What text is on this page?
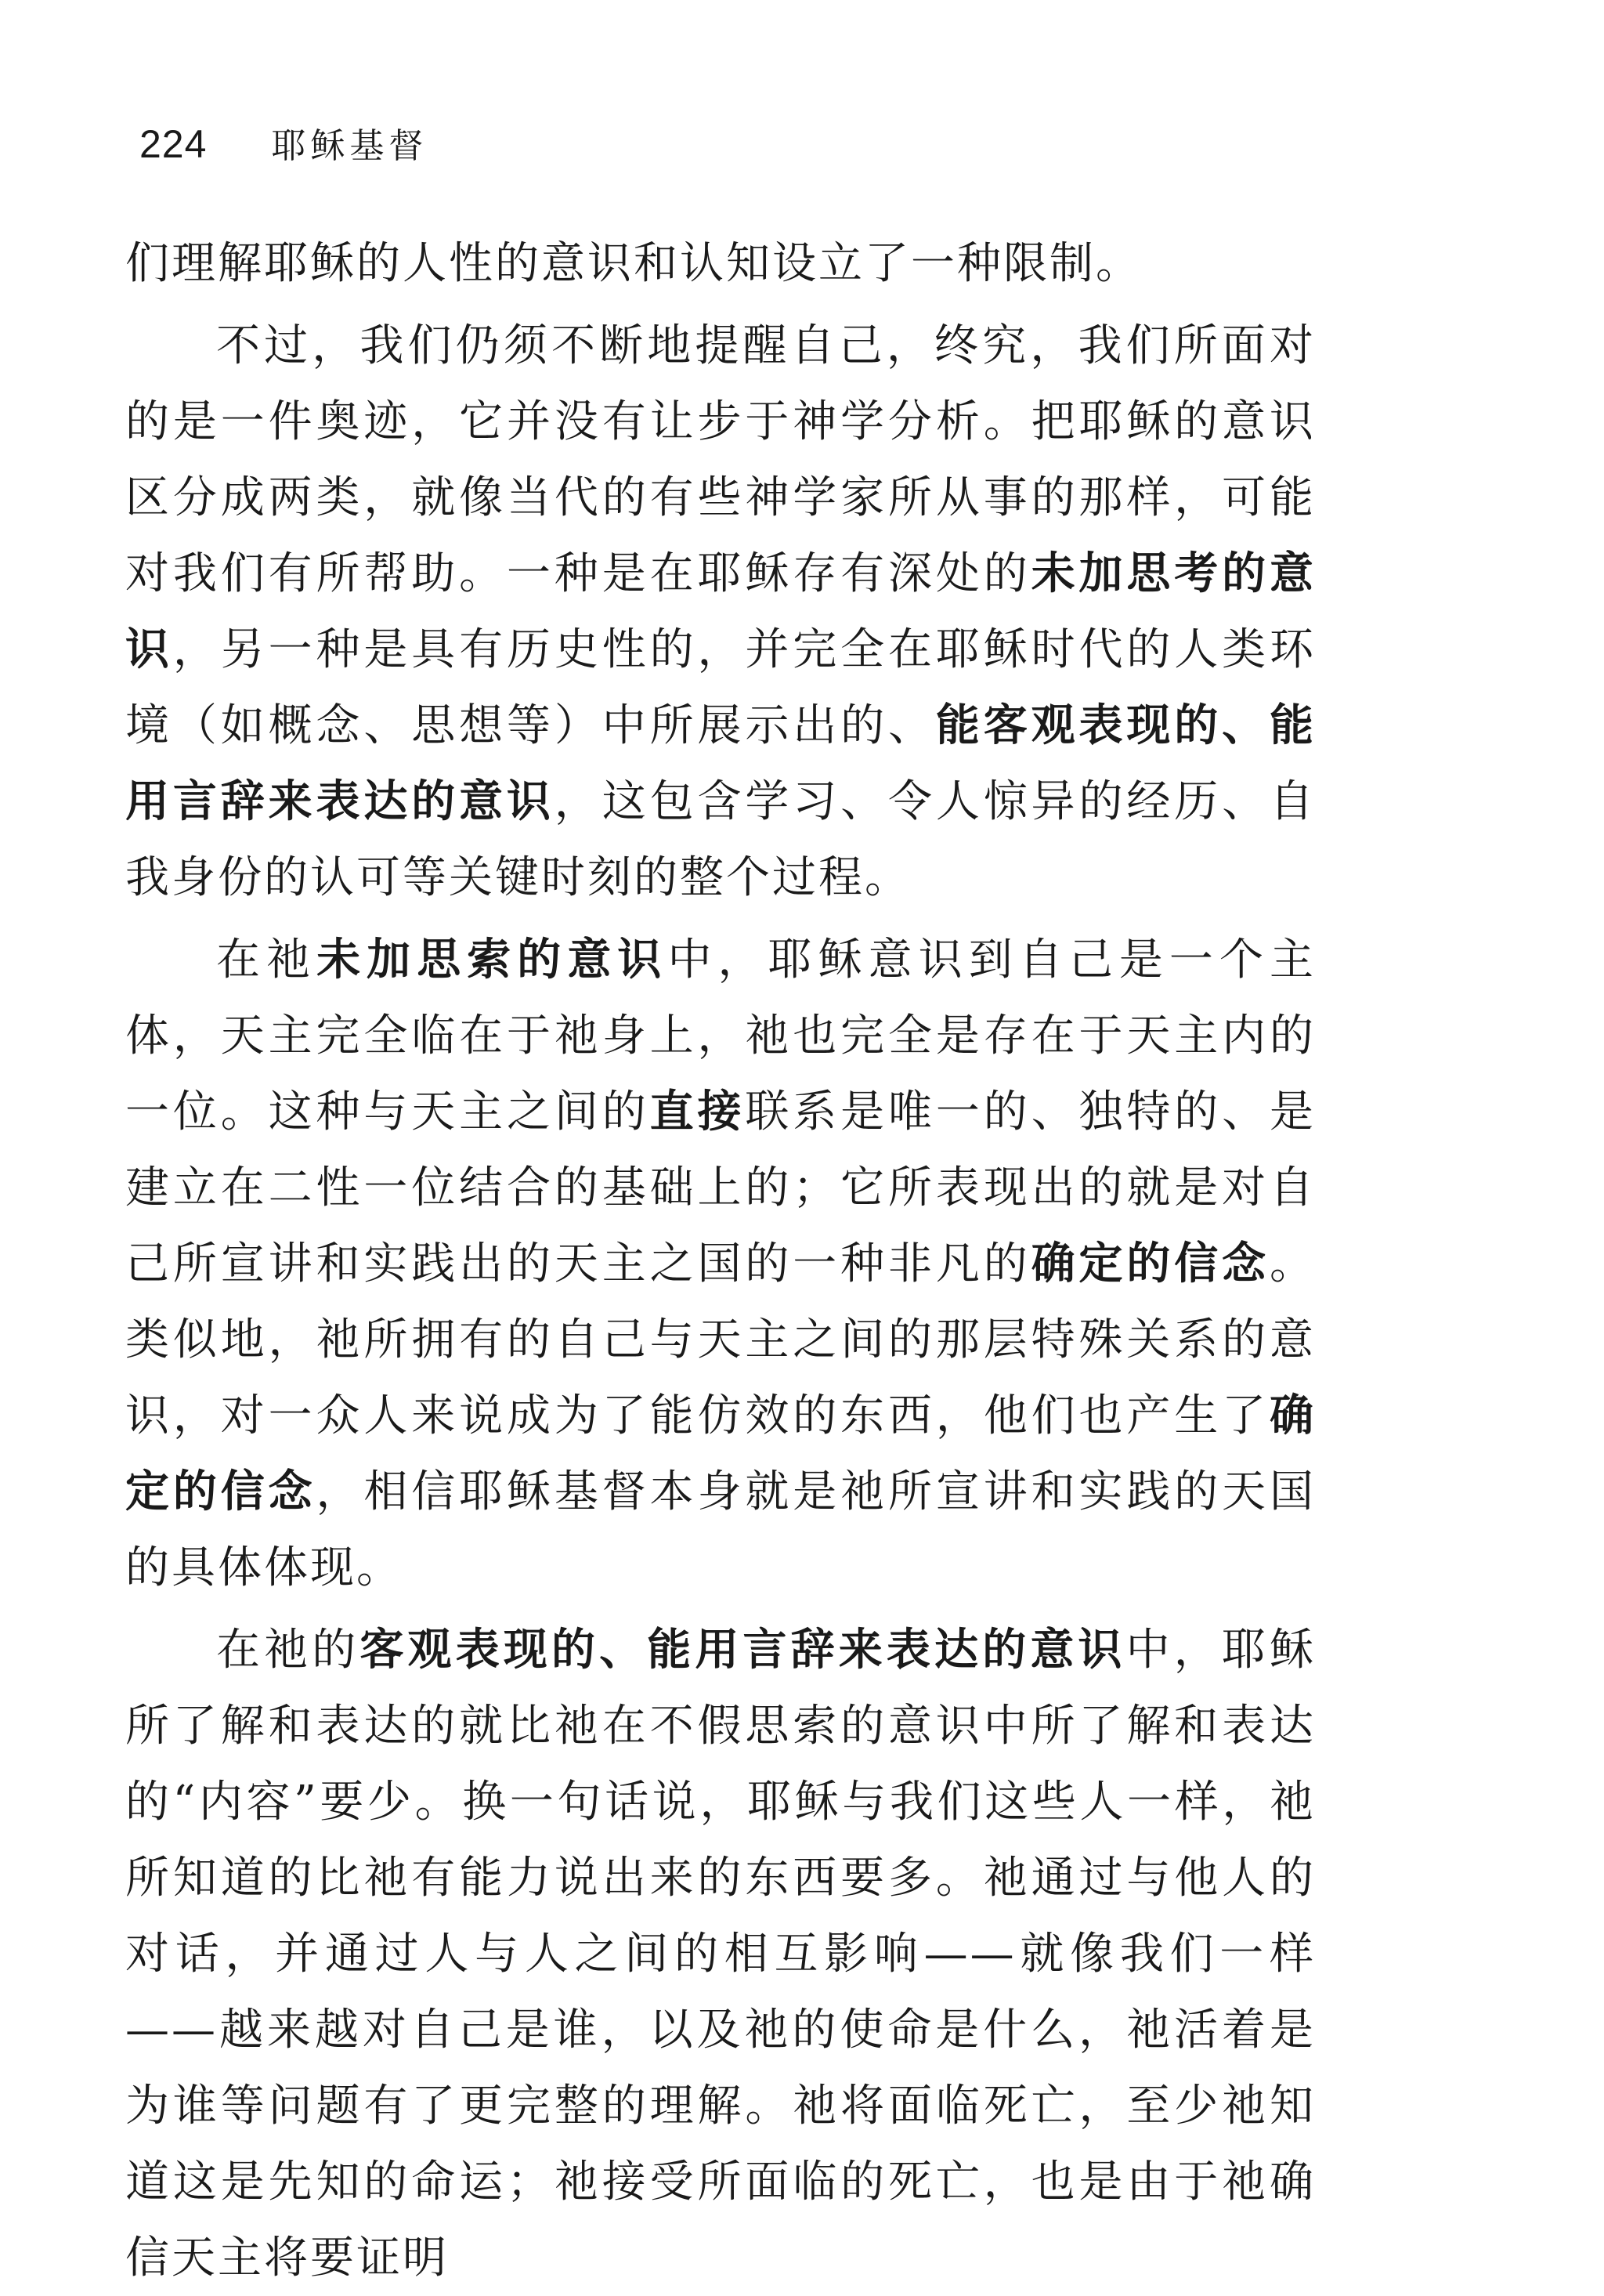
224 耶稣基督

们理解耶稣的人性的意识和认知设立了一种限制。

不过，我们仍须不断地提醒自己，终究，我们所面对的是一件奥迹，它并没有让步于神学分析。把耶稣的意识区分成两类，就像当代的有些神学家所从事的那样，可能对我们有所帮助。一种是在耶稣存有深处的未加思考的意识，另一种是具有历史性的，并完全在耶稣时代的人类环境（如概念、思想等）中所展示出的、能客观表现的、能用言辞来表达的意识，这包含学习、令人惊异的经历、自我身份的认可等关键时刻的整个过程。

在祂未加思索的意识中，耶稣意识到自己是一个主体，天主完全临在于祂身上，祂也完全是存在于天主内的一位。这种与天主之间的直接联系是唯一的、独特的、是建立在二性一位结合的基础上的；它所表现出的就是对自己所宣讲和实践出的天主之国的一种非凡的确定的信念。类似地，祂所拥有的自己与天主之间的那层特殊关系的意识，对一众人来说成为了能仿效的东西，他们也产生了确定的信念，相信耶稣基督本身就是祂所宣讲和实践的天国的具体体现。

在祂的客观表现的、能用言辞来表达的意识中，耶稣所了解和表达的就比祂在不假思索的意识中所了解和表达的“内容”要少。换一句话说，耶稣与我们这些人一样，祂所知道的比祂有能力说出来的东西要多。祂通过与他人的对话，并通过人与人之间的相互影响——就像我们一样——越来越对自己是谁，以及祂的使命是什么，祂活着是为谁等问题有了更完整的理解。祂将面临死亡，至少祂知道这是先知的命运；祂接受所面临的死亡，也是由于祂确信天主将要证明
